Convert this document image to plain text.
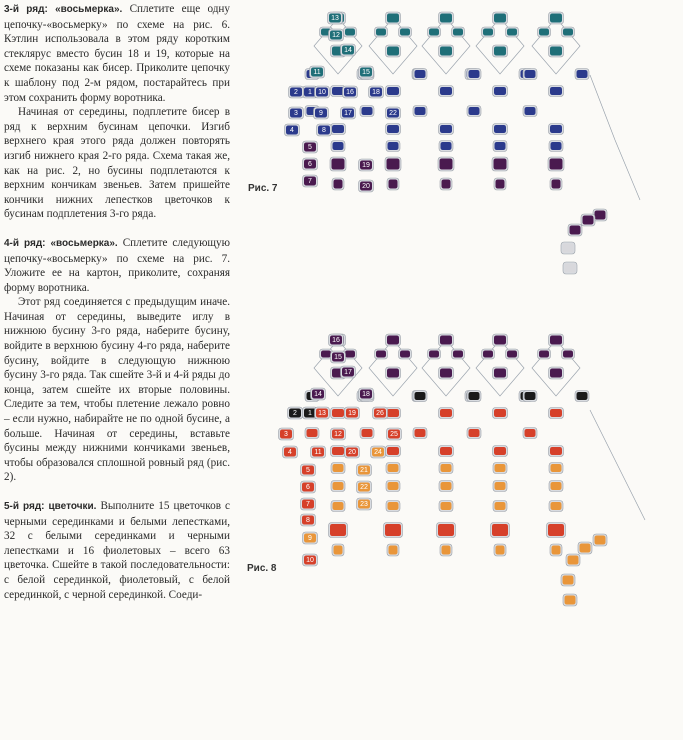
3-й ряд: «восьмерка». Сплетите еще одну цепочку-«восьмерку» по схеме на рис. 6. Кэтлин использовала в этом ряду коротким стеклярус вместо бусин 18 и 19, которые на схеме показаны как бисер. Приколите цепочку к шаблону под 2-м рядом, постарайтесь при этом сохранить форму воротника.

Начиная от середины, подплетите бисер в ряд к верхним бусинам цепочки. Изгиб верхнего края этого ряда должен повторять изгиб нижнего края 2-го ряда. Схема такая же, как на рис. 2, но бусины подплетаются к верхним кончикам звеньев. Затем пришейте кончики нижних лепестков цветочков к бусинам подплетения 3-го ряда.

4-й ряд: «восьмерка». Сплетите следующую цепочку-«восьмерку» по схеме на рис. 7. Уложите ее на картон, приколите, сохраняя форму воротника.

Этот ряд соединяется с предыдущим иначе. Начиная от середины, выведите иглу в нижнюю бусину 3-го ряда, наберите бусину, войдите в верхнюю бусину 4-го ряда, наберите бусину, войдите в следующую нижнюю бусину 3-го ряда. Так сшейте 3-й и 4-й ряды до конца, затем сшейте их вторые половины. Следите за тем, чтобы плетение лежало ровно – если нужно, набирайте не по одной бусине, а больше. Начиная от середины, вставьте бусины между нижними кончиками звеньев, чтобы образовался сплошной ровный ряд (рис. 2).

5-й ряд: цветочки. Выполните 15 цветочков с черными серединками и белыми лепестками, 32 с белыми серединками и черными лепестками и 16 фиолетовых – всего 63 цветочка. Сшейте в такой последовательности: с белой серединкой, фиолетовый, с белой серединкой, с черной серединкой. Соеди-

Рис. 7
Рис. 8
13
12
14
11	15
1
2	10	16	18
3	9	17	22
4	8
5
6
7
19
20
16
15
17
14	18
1
2	13	19	26
3	12	25
4	11	20	24
5	21
6	22
7	23
8
9
10
